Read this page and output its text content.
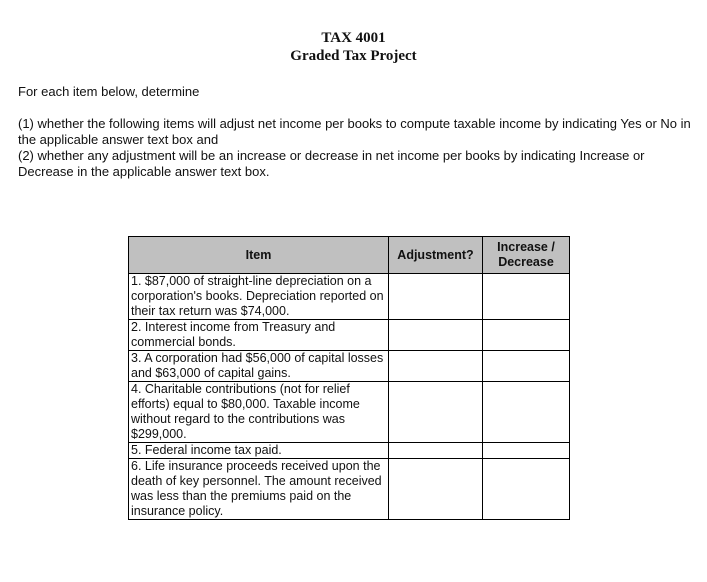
TAX 4001
Graded Tax Project
For each item below, determine
(1) whether the following items will adjust net income per books to compute taxable income by indicating Yes or No in the applicable answer text box and
(2) whether any adjustment will be an increase or decrease in net income per books by indicating Increase or Decrease in the applicable answer text box.
Item	Adjustment?	Increase /
Decrease

1. $87,000 of straight-line depreciation on a corporation's books. Depreciation reported on their tax return was $74,000.		
2. Interest income from Treasury and commercial bonds.		
3. A corporation had $56,000 of capital losses and $63,000 of capital gains.		
4. Charitable contributions (not for relief efforts) equal to $80,000. Taxable income without regard to the contributions was $299,000.		
5. Federal income tax paid.		
6. Life insurance proceeds received upon the death of key personnel. The amount received was less than the premiums paid on the insurance policy.		
